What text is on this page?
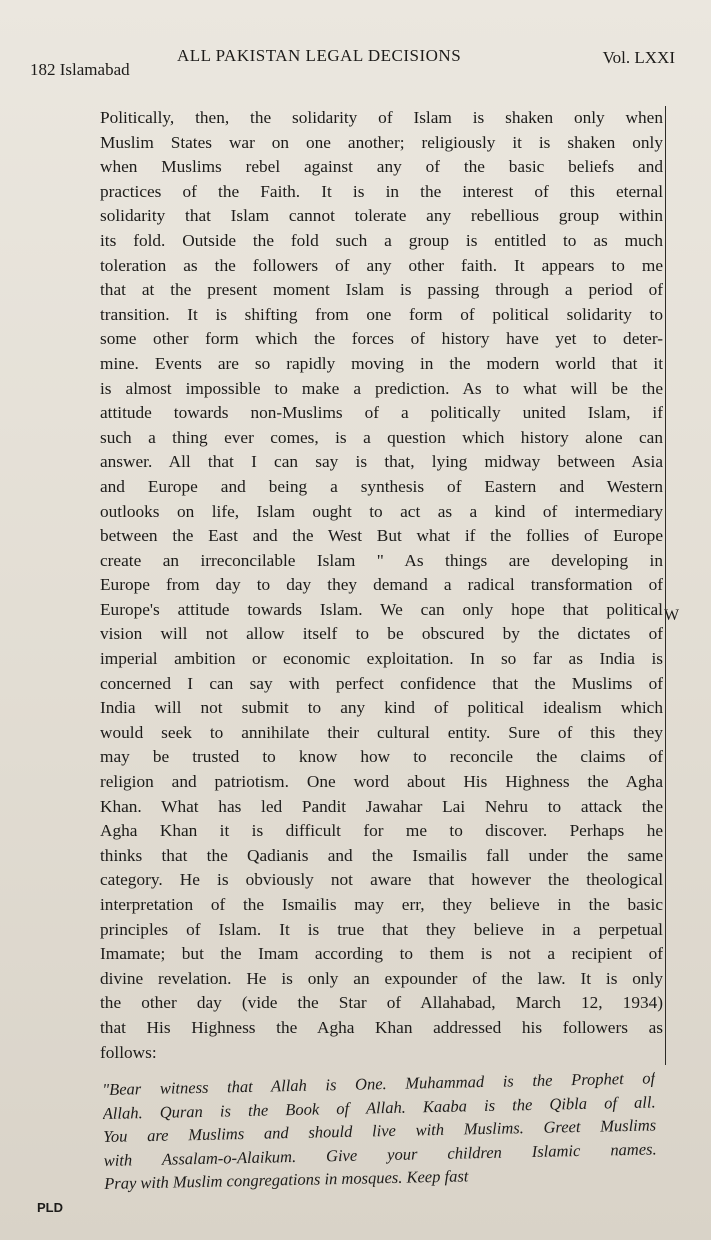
182 Islamabad
ALL PAKISTAN LEGAL DECISIONS	Vol. LXXI
Politically, then, the solidarity of Islam is shaken only when
Muslim States war on one another; religiously it is shaken only
when Muslims rebel against any of the basic beliefs and
practices of the Faith. It is in the interest of this eternal
solidarity that Islam cannot tolerate any rebellious group within
its fold. Outside the fold such a group is entitled to as much
toleration as the followers of any other faith. It appears to me
that at the present moment Islam is passing through a period of
transition. It is shifting from one form of political solidarity to
some other form which the forces of history have yet to deter-
mine. Events are so rapidly moving in the modern world that it
is almost impossible to make a prediction. As to what will be the
attitude towards non-Muslims of a politically united Islam, if
such a thing ever comes, is a question which history alone can
answer. All that I can say is that, lying midway between Asia
and Europe and being a synthesis of Eastern and Western
outlooks on life, Islam ought to act as a kind of intermediary
between the East and the West But what if the follies of Europe
create an irreconcilable Islam " As things are developing in
Europe from day to day they demand a radical transformation of
Europe's attitude towards Islam. We can only hope that political
vision will not allow itself to be obscured by the dictates of
imperial ambition or economic exploitation. In so far as India is
concerned I can say with perfect confidence that the Muslims of
India will not submit to any kind of political idealism which
would seek to annihilate their cultural entity. Sure of this they
may be trusted to know how to reconcile the claims of
religion and patriotism. One word about His Highness the Agha
Khan. What has led Pandit Jawahar Lai Nehru to attack the
Agha Khan it is difficult for me to discover. Perhaps he
thinks that the Qadianis and the Ismailis fall under the same
category. He is obviously not aware that however the theological
interpretation of the Ismailis may err, they believe in the basic
principles of Islam. It is true that they believe in a perpetual
Imamate; but the Imam according to them is not a recipient of
divine revelation. He is only an expounder of the law. It is only
the other day (vide the Star of Allahabad, March 12, 1934)
that His Highness the Agha Khan addressed his followers as
follows:
W
"Bear witness that Allah is One. Muhammad is the Prophet of
Allah. Quran is the Book of Allah. Kaaba is the Qibla of all.
You are Muslims and should live with Muslims. Greet Muslims
with Assalam-o-Alaikum. Give your children Islamic names.
Pray with Muslim congregations in mosques. Keep fast
PLD
